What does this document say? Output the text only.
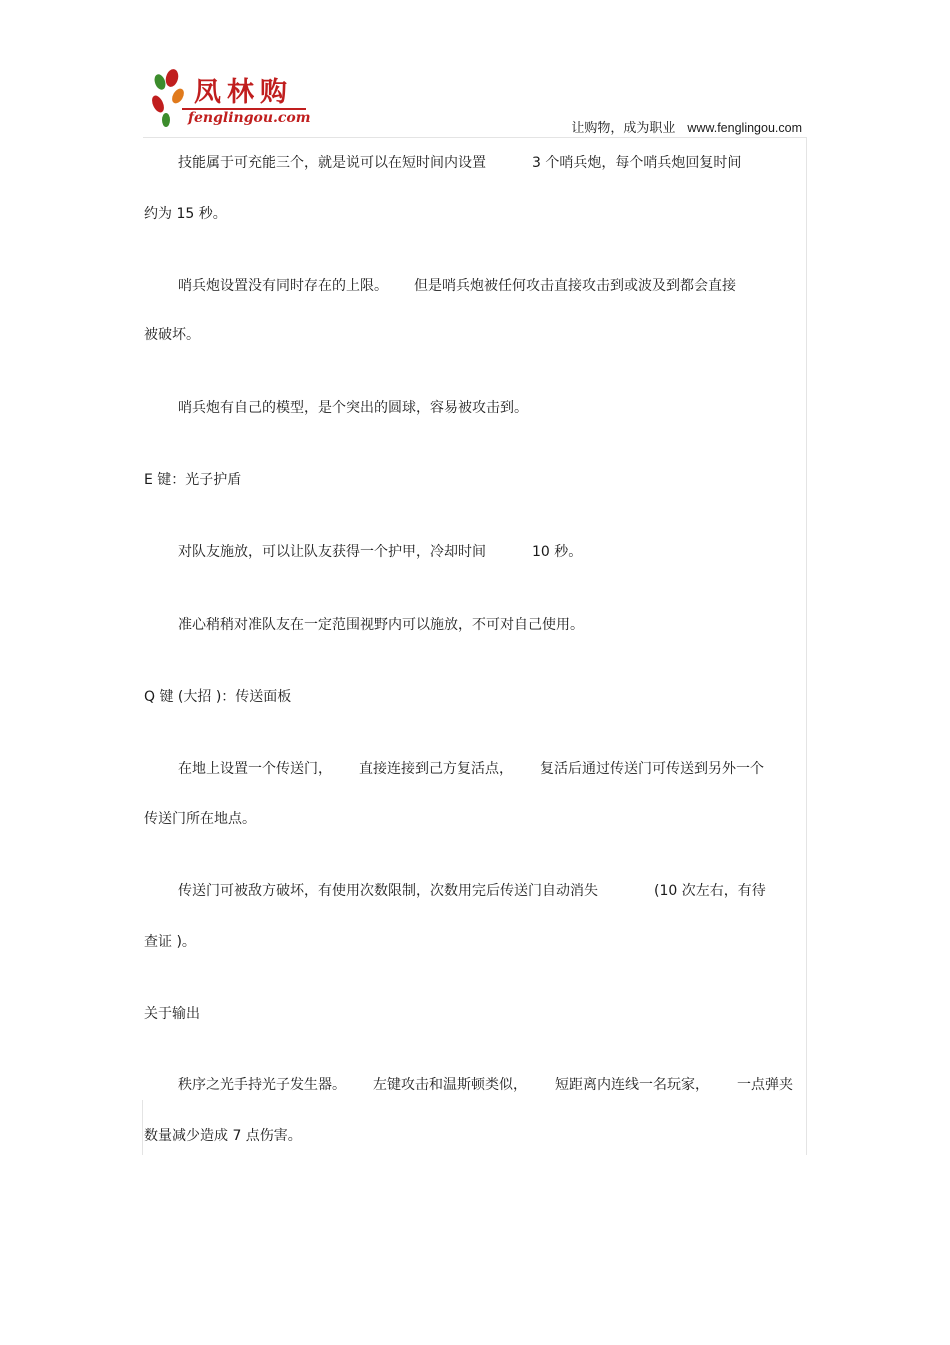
凤林购
fenglingou.com
让购物，成为职业 www.fenglingou.com
技能属于可充能三个，就是说可以在短时间内设置	3 个哨兵炮，每个哨兵炮回复时间
约为 15 秒。
哨兵炮设置没有同时存在的上限。 但是哨兵炮被任何攻击直接攻击到或波及到都会直接
被破坏。
哨兵炮有自己的模型，是个突出的圆球，容易被攻击到。
E 键：光子护盾
对队友施放，可以让队友获得一个护甲，冷却时间	10 秒。
准心稍稍对准队友在一定范围视野内可以施放，不可对自己使用。
Q 键 (大招 )：传送面板
在地上设置一个传送门， 直接连接到己方复活点， 复活后通过传送门可传送到另外一个
传送门所在地点。
传送门可被敌方破坏，有使用次数限制，次数用完后传送门自动消失	(10 次左右，有待
查证 )。
关于输出
秩序之光手持光子发生器。 左键攻击和温斯顿类似， 短距离内连线一名玩家， 一点弹夹
数量减少造成 7 点伤害。
